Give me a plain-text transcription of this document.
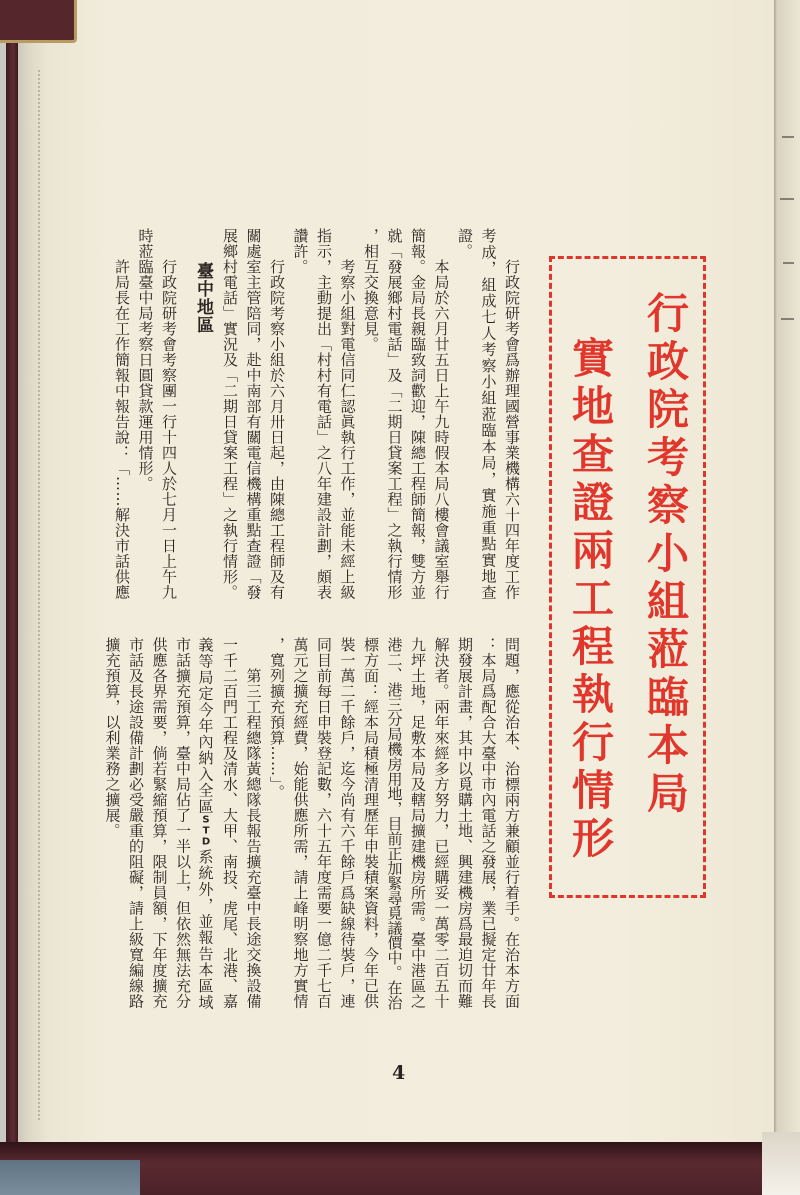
行政院考察小組蒞臨本局
實地查證兩工程執行情形
行政院研考會爲辦理國營事業機構六十四年度工作
考成，組成七人考察小組蒞臨本局，實施重點實地查
證。
本局於六月廿五日上午九時假本局八樓會議室舉行
簡報。金局長親臨致詞歡迎，陳總工程師簡報，雙方並
就「發展鄉村電話」及「二期日貸案工程」之執行情形
，相互交換意見。
考察小組對電信同仁認眞執行工作，並能未經上級
指示，主動提出「村村有電話」之八年建設計劃，頗表
讚許。
行政院考察小組於六月卅日起，由陳總工程師及有
關處室主管陪同，赴中南部有關電信機構重點查證「發
展鄉村電話」實況及「二期日貸案工程」之執行情形。
臺中地區
行政院研考會考察團一行十四人於七月一日上午九
時蒞臨臺中局考察日圓貸款運用情形。
許局長在工作簡報中報告說：「……解決市話供應
問題，應從治本、治標兩方兼顧並行着手。在治本方面
：本局爲配合大臺中市內電話之發展，業已擬定廿年長
期發展計畫，其中以覓購土地、興建機房爲最迫切而難
解決者。兩年來經多方努力，已經購妥一萬零二百五十
九坪土地，足敷本局及轄局擴建機房所需。臺中港區之
港二、港三分局機房用地，目前正加緊尋覓議價中。在治
標方面：經本局積極清理歷年申裝積案資料，今年已供
裝一萬二千餘戶，迄今尚有六千餘戶爲缺線待裝戶，連
同目前每日申裝登記數，六十五年度需要一億二千七百
萬元之擴充經費，始能供應所需，請上峰明察地方實情
，寬列擴充預算……」。
第三工程總隊黃總隊長報告擴充臺中長途交換設備
一千二百門工程及清水、大甲、南投、虎尾、北港、嘉
義等局定今年內納入全區STD系統外，並報告本區域
市話擴充預算，臺中局佔了一半以上，但依然無法充分
供應各界需要，倘若緊縮預算，限制員額，下年度擴充
市話及長途設備計劃必受嚴重的阻礙，請上級寬編線路
擴充預算，以利業務之擴展。
4
